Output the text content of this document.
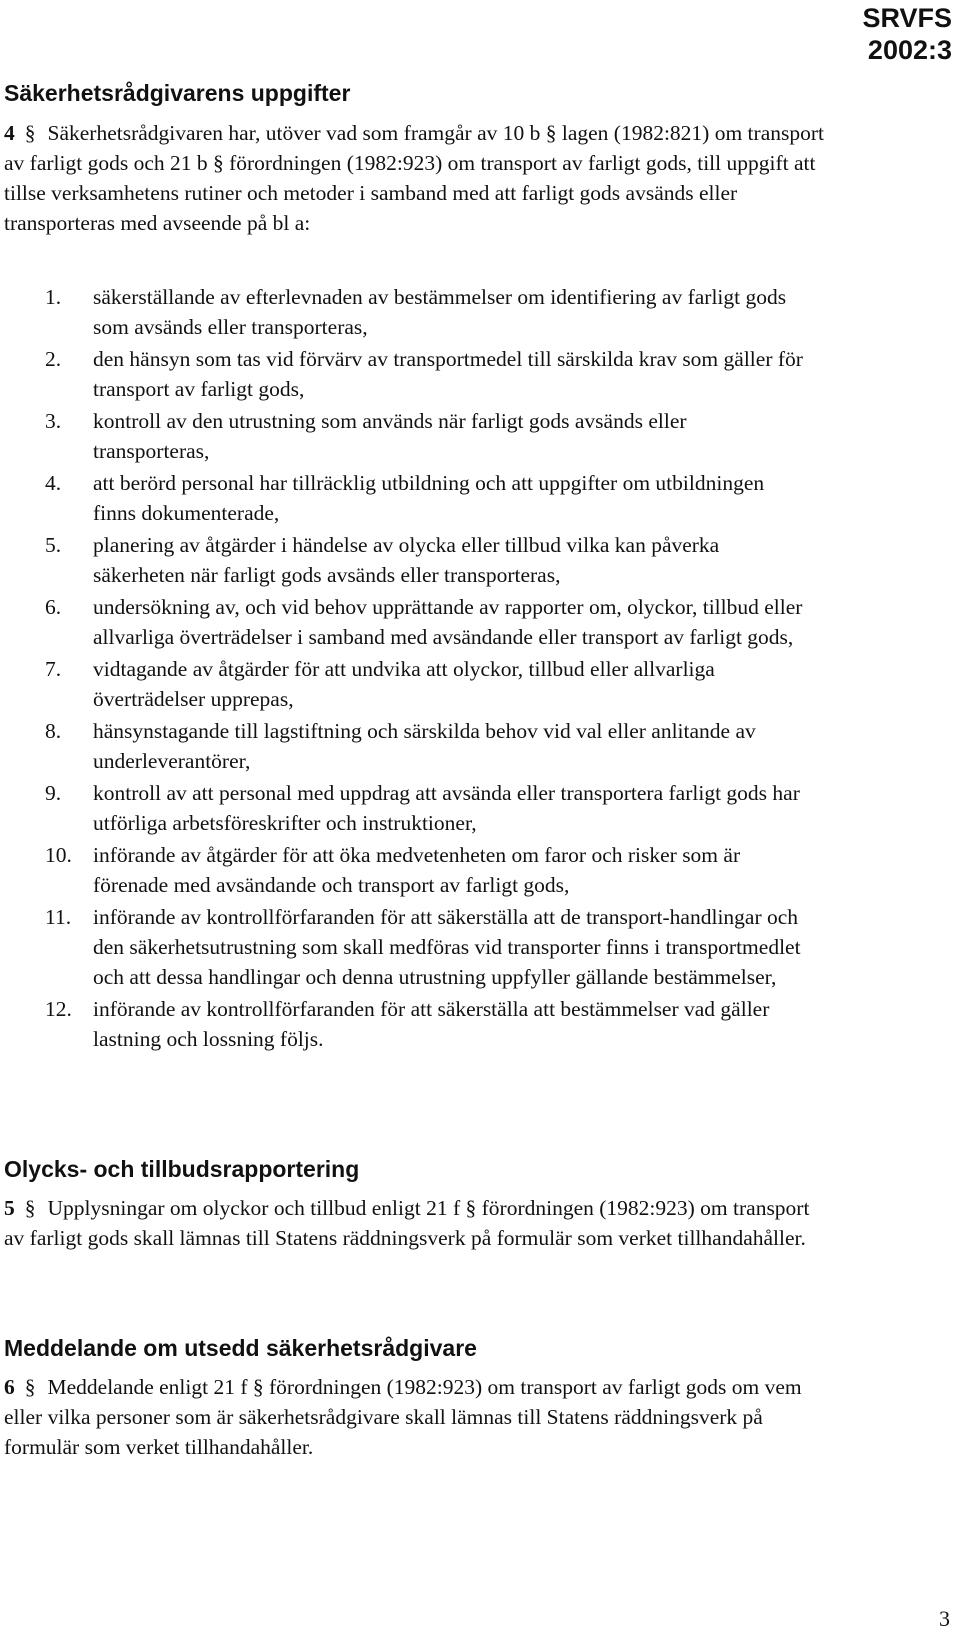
SRVFS
2002:3
Säkerhetsrådgivarens uppgifter

4 § Säkerhetsrådgivaren har, utöver vad som framgår av 10 b § lagen (1982:821) om transport av farligt gods och 21 b § förordningen (1982:923) om transport av farligt gods, till uppgift att tillse verksamhetens rutiner och metoder i samband med att farligt gods avsänds eller transporteras med avseende på bl a:

1. säkerställande av efterlevnaden av bestämmelser om identifiering av farligt gods som avsänds eller transporteras,
2. den hänsyn som tas vid förvärv av transportmedel till särskilda krav som gäller för transport av farligt gods,
3. kontroll av den utrustning som används när farligt gods avsänds eller transporteras,
4. att berörd personal har tillräcklig utbildning och att uppgifter om utbildningen finns dokumenterade,
5. planering av åtgärder i händelse av olycka eller tillbud vilka kan påverka säkerheten när farligt gods avsänds eller transporteras,
6. undersökning av, och vid behov upprättande av rapporter om, olyckor, tillbud eller allvarliga överträdelser i samband med avsändande eller transport av farligt gods,
7. vidtagande av åtgärder för att undvika att olyckor, tillbud eller allvarliga överträdelser upprepas,
8. hänsynstagande till lagstiftning och särskilda behov vid val eller anlitande av underleverantörer,
9. kontroll av att personal med uppdrag att avsända eller transportera farligt gods har utförliga arbetsföreskrifter och instruktioner,
10. införande av åtgärder för att öka medvetenheten om faror och risker som är förenade med avsändande och transport av farligt gods,
11. införande av kontrollförfaranden för att säkerställa att de transport-handlingar och den säkerhetsutrustning som skall medföras vid transporter finns i transportmedlet och att dessa handlingar och denna utrustning uppfyller gällande bestämmelser,
12. införande av kontrollförfaranden för att säkerställa att bestämmelser vad gäller lastning och lossning följs.
Olycks- och tillbudsrapportering

5 § Upplysningar om olyckor och tillbud enligt 21 f § förordningen (1982:923) om transport av farligt gods skall lämnas till Statens räddningsverk på formulär som verket tillhandahåller.

Meddelande om utsedd säkerhetsrådgivare

6 § Meddelande enligt 21 f § förordningen (1982:923) om transport av farligt gods om vem eller vilka personer som är säkerhetsrådgivare skall lämnas till Statens räddningsverk på formulär som verket tillhandahåller.

3
